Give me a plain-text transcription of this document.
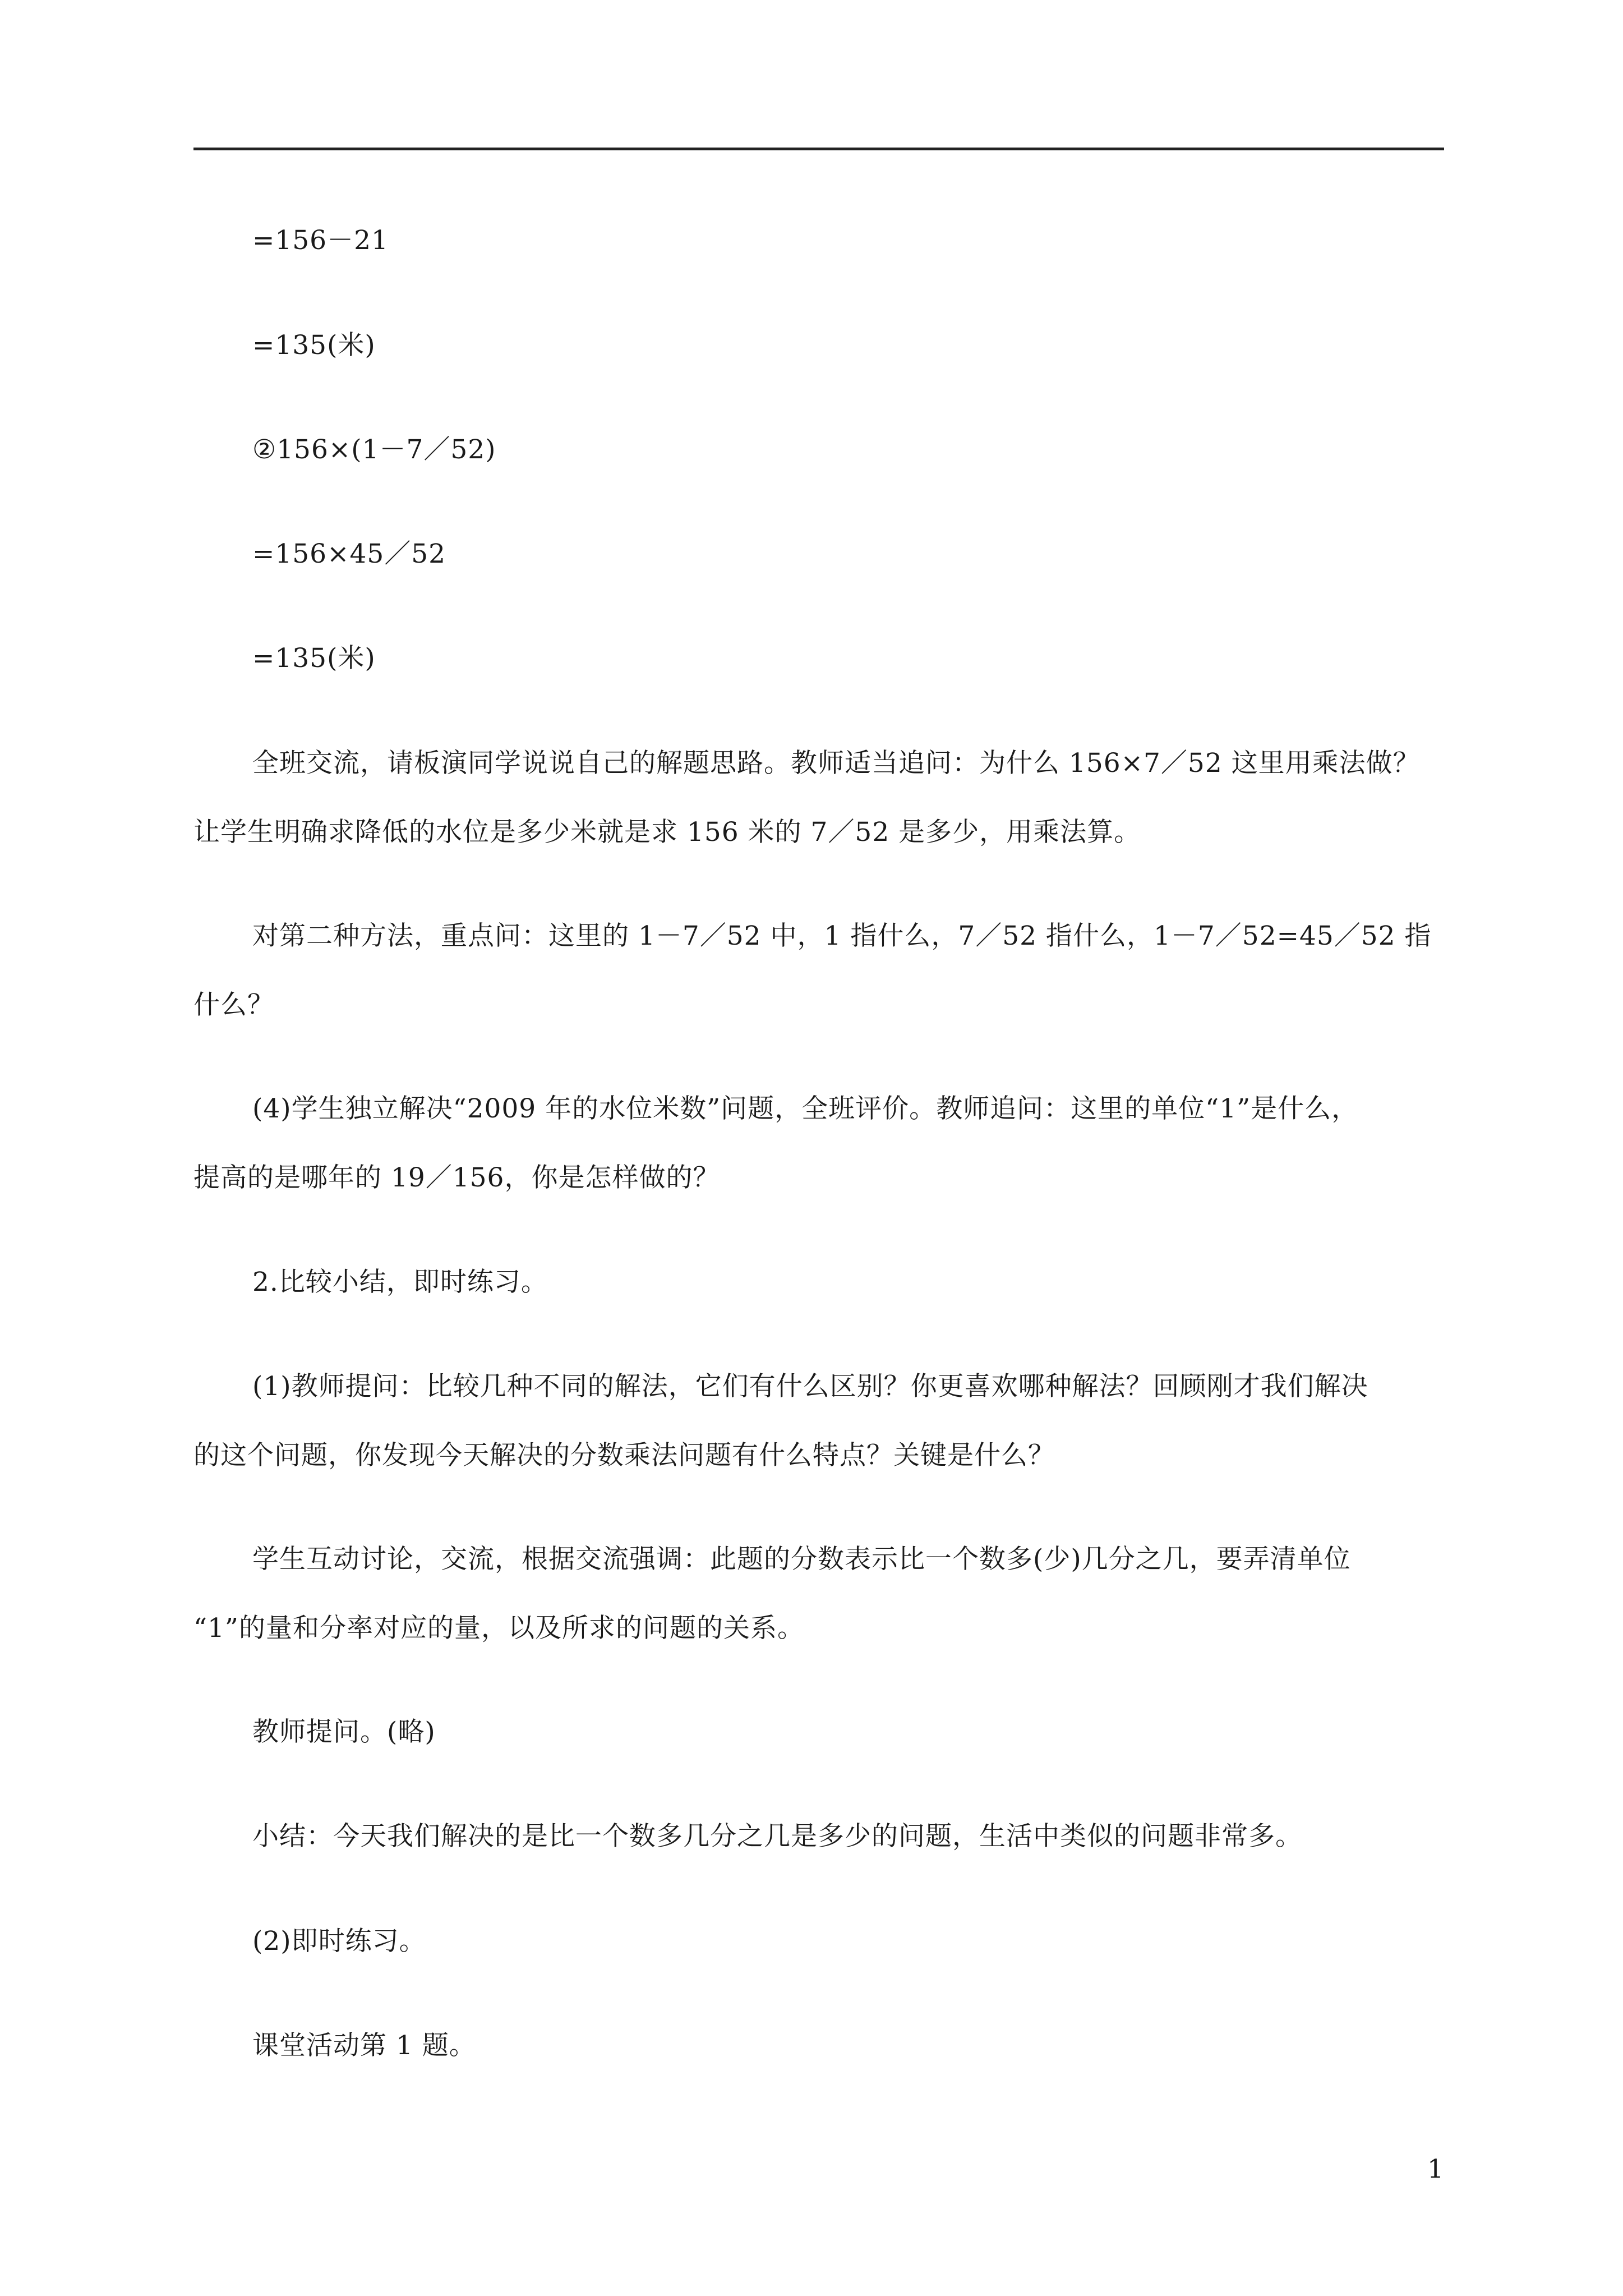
=156－21
=135(米)
②156×(1－7／52)
=156×45／52
=135(米)
全班交流，请板演同学说说自己的解题思路。教师适当追问：为什么 156×7／52 这里用乘法做？
让学生明确求降低的水位是多少米就是求 156 米的 7／52 是多少，用乘法算。
对第二种方法，重点问：这里的 1－7／52 中，1 指什么，7／52 指什么，1－7／52=45／52 指
什么？
(4)学生独立解决“2009 年的水位米数”问题，全班评价。教师追问：这里的单位“1”是什么，
提高的是哪年的 19／156，你是怎样做的？
2.比较小结，即时练习。
(1)教师提问：比较几种不同的解法，它们有什么区别？你更喜欢哪种解法？回顾刚才我们解决
的这个问题，你发现今天解决的分数乘法问题有什么特点？关键是什么？
学生互动讨论，交流，根据交流强调：此题的分数表示比一个数多(少)几分之几，要弄清单位
“1”的量和分率对应的量，以及所求的问题的关系。
教师提问。(略)
小结：今天我们解决的是比一个数多几分之几是多少的问题，生活中类似的问题非常多。
(2)即时练习。
课堂活动第 1 题。
1
